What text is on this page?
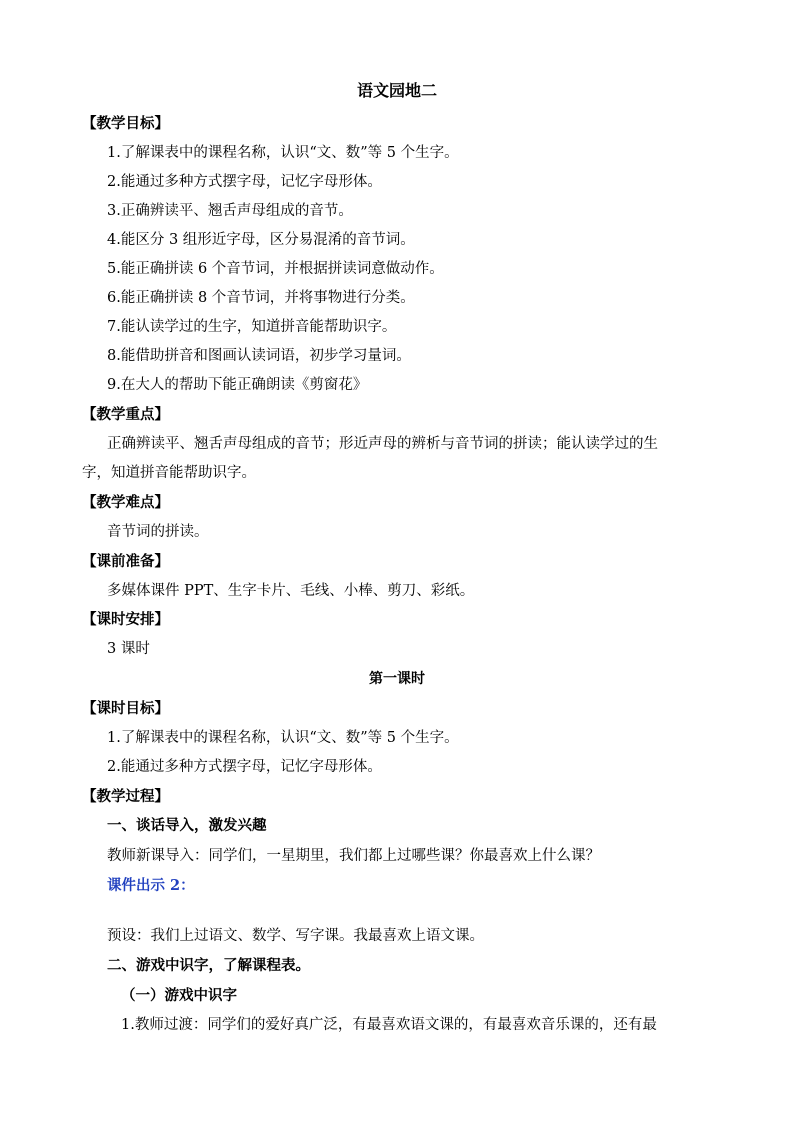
语文园地二
【教学目标】
1.了解课表中的课程名称，认识“文、数”等 5 个生字。
2.能通过多种方式摆字母，记忆字母形体。
3.正确辨读平、翘舌声母组成的音节。
4.能区分 3 组形近字母，区分易混淆的音节词。
5.能正确拼读 6 个音节词，并根据拼读词意做动作。
6.能正确拼读 8 个音节词，并将事物进行分类。
7.能认读学过的生字，知道拼音能帮助识字。
8.能借助拼音和图画认读词语，初步学习量词。
9.在大人的帮助下能正确朗读《剪窗花》
【教学重点】
正确辨读平、翘舌声母组成的音节；形近声母的辨析与音节词的拼读；能认读学过的生
字，知道拼音能帮助识字。
【教学难点】
音节词的拼读。
【课前准备】
多媒体课件 PPT、生字卡片、毛线、小棒、剪刀、彩纸。
【课时安排】
3 课时
第一课时
【课时目标】
1.了解课表中的课程名称，认识“文、数”等 5 个生字。
2.能通过多种方式摆字母，记忆字母形体。
【教学过程】
一、谈话导入，激发兴趣
教师新课导入：同学们，一星期里，我们都上过哪些课？你最喜欢上什么课？
课件出示 2：
预设：我们上过语文、数学、写字课。我最喜欢上语文课。
二、游戏中识字，了解课程表。
（一）游戏中识字
1.教师过渡：同学们的爱好真广泛，有最喜欢语文课的，有最喜欢音乐课的，还有最
